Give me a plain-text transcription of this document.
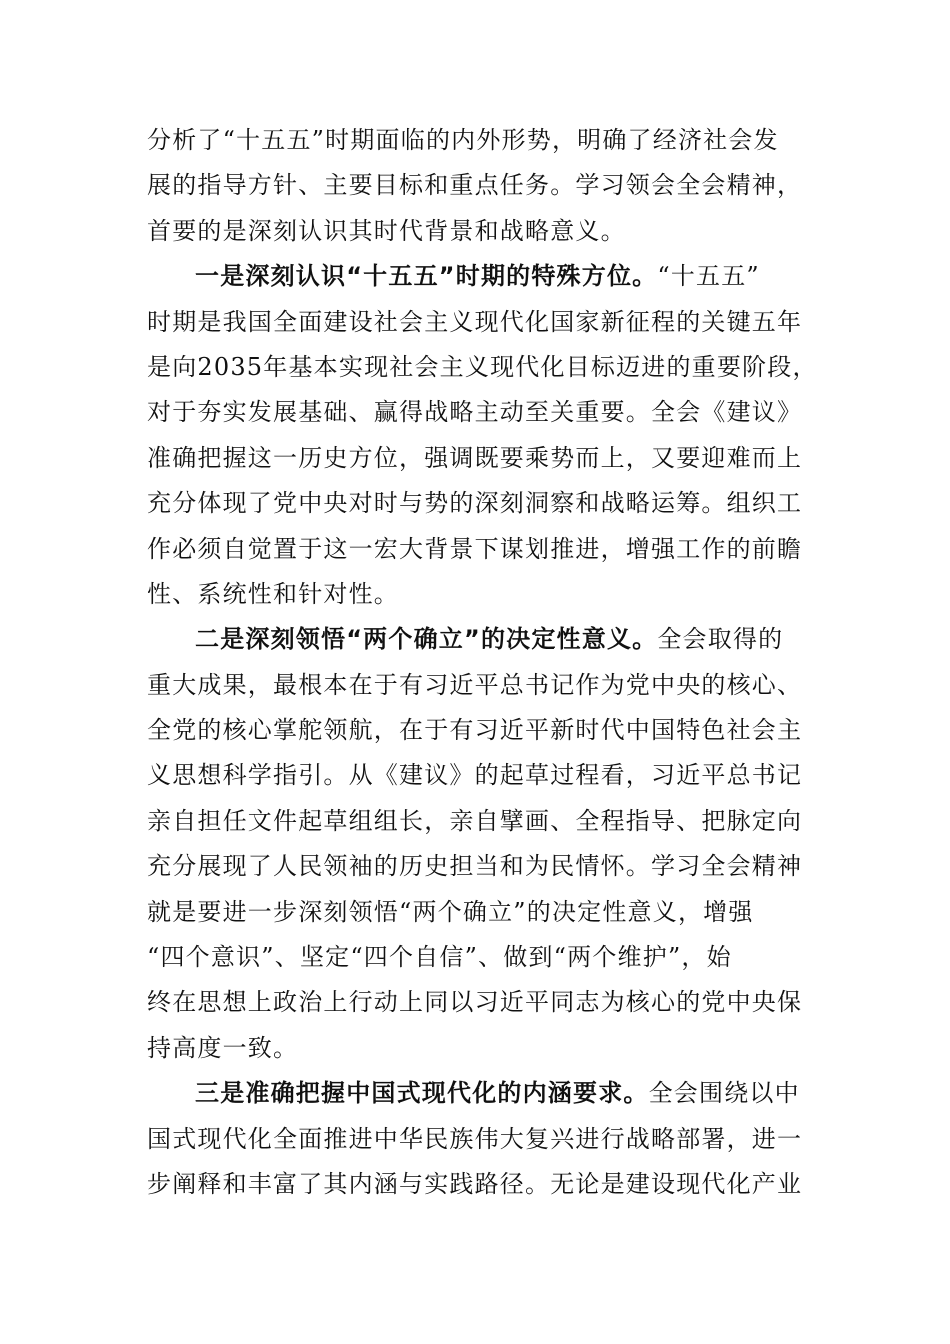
分析了“十五五”时期面临的内外形势，明确了经济社会发
展的指导方针、主要目标和重点任务。学习领会全会精神，
首要的是深刻认识其时代背景和战略意义。
一是深刻认识“十五五”时期的特殊方位。“十五五”
时期是我国全面建设社会主义现代化国家新征程的关键五年
是向2035年基本实现社会主义现代化目标迈进的重要阶段，
对于夯实发展基础、赢得战略主动至关重要。全会《建议》
准确把握这一历史方位，强调既要乘势而上，又要迎难而上
充分体现了党中央对时与势的深刻洞察和战略运筹。组织工
作必须自觉置于这一宏大背景下谋划推进，增强工作的前瞻
性、系统性和针对性。
二是深刻领悟“两个确立”的决定性意义。全会取得的
重大成果，最根本在于有习近平总书记作为党中央的核心、
全党的核心掌舵领航，在于有习近平新时代中国特色社会主
义思想科学指引。从《建议》的起草过程看，习近平总书记
亲自担任文件起草组组长，亲自擘画、全程指导、把脉定向
充分展现了人民领袖的历史担当和为民情怀。学习全会精神
就是要进一步深刻领悟“两个确立”的决定性意义，增强
“四个意识”、坚定“四个自信”、做到“两个维护”，始
终在思想上政治上行动上同以习近平同志为核心的党中央保
持高度一致。
三是准确把握中国式现代化的内涵要求。全会围绕以中
国式现代化全面推进中华民族伟大复兴进行战略部署，进一
步阐释和丰富了其内涵与实践路径。无论是建设现代化产业
